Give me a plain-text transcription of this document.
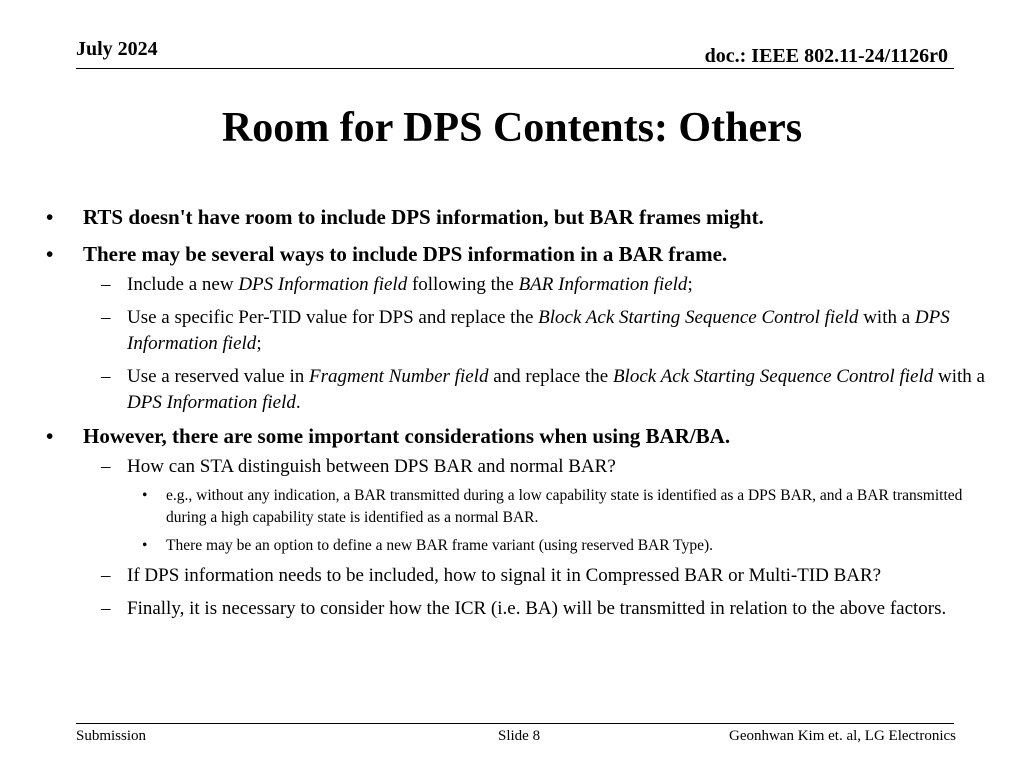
July 2024	doc.: IEEE 802.11-24/1126r0
Room for DPS Contents: Others
• RTS doesn't have room to include DPS information, but BAR frames might.
• There may be several ways to include DPS information in a BAR frame.
– Include a new DPS Information field following the BAR Information field;
– Use a specific Per-TID value for DPS and replace the Block Ack Starting Sequence Control field with a DPS Information field;
– Use a reserved value in Fragment Number field and replace the Block Ack Starting Sequence Control field with a DPS Information field.
• However, there are some important considerations when using BAR/BA.
– How can STA distinguish between DPS BAR and normal BAR?
• e.g., without any indication, a BAR transmitted during a low capability state is identified as a DPS BAR, and a BAR transmitted during a high capability state is identified as a normal BAR.
• There may be an option to define a new BAR frame variant (using reserved BAR Type).
– If DPS information needs to be included, how to signal it in Compressed BAR or Multi-TID BAR?
– Finally, it is necessary to consider how the ICR (i.e. BA) will be transmitted in relation to the above factors.
Submission	Slide 8	Geonhwan Kim et. al, LG Electronics
